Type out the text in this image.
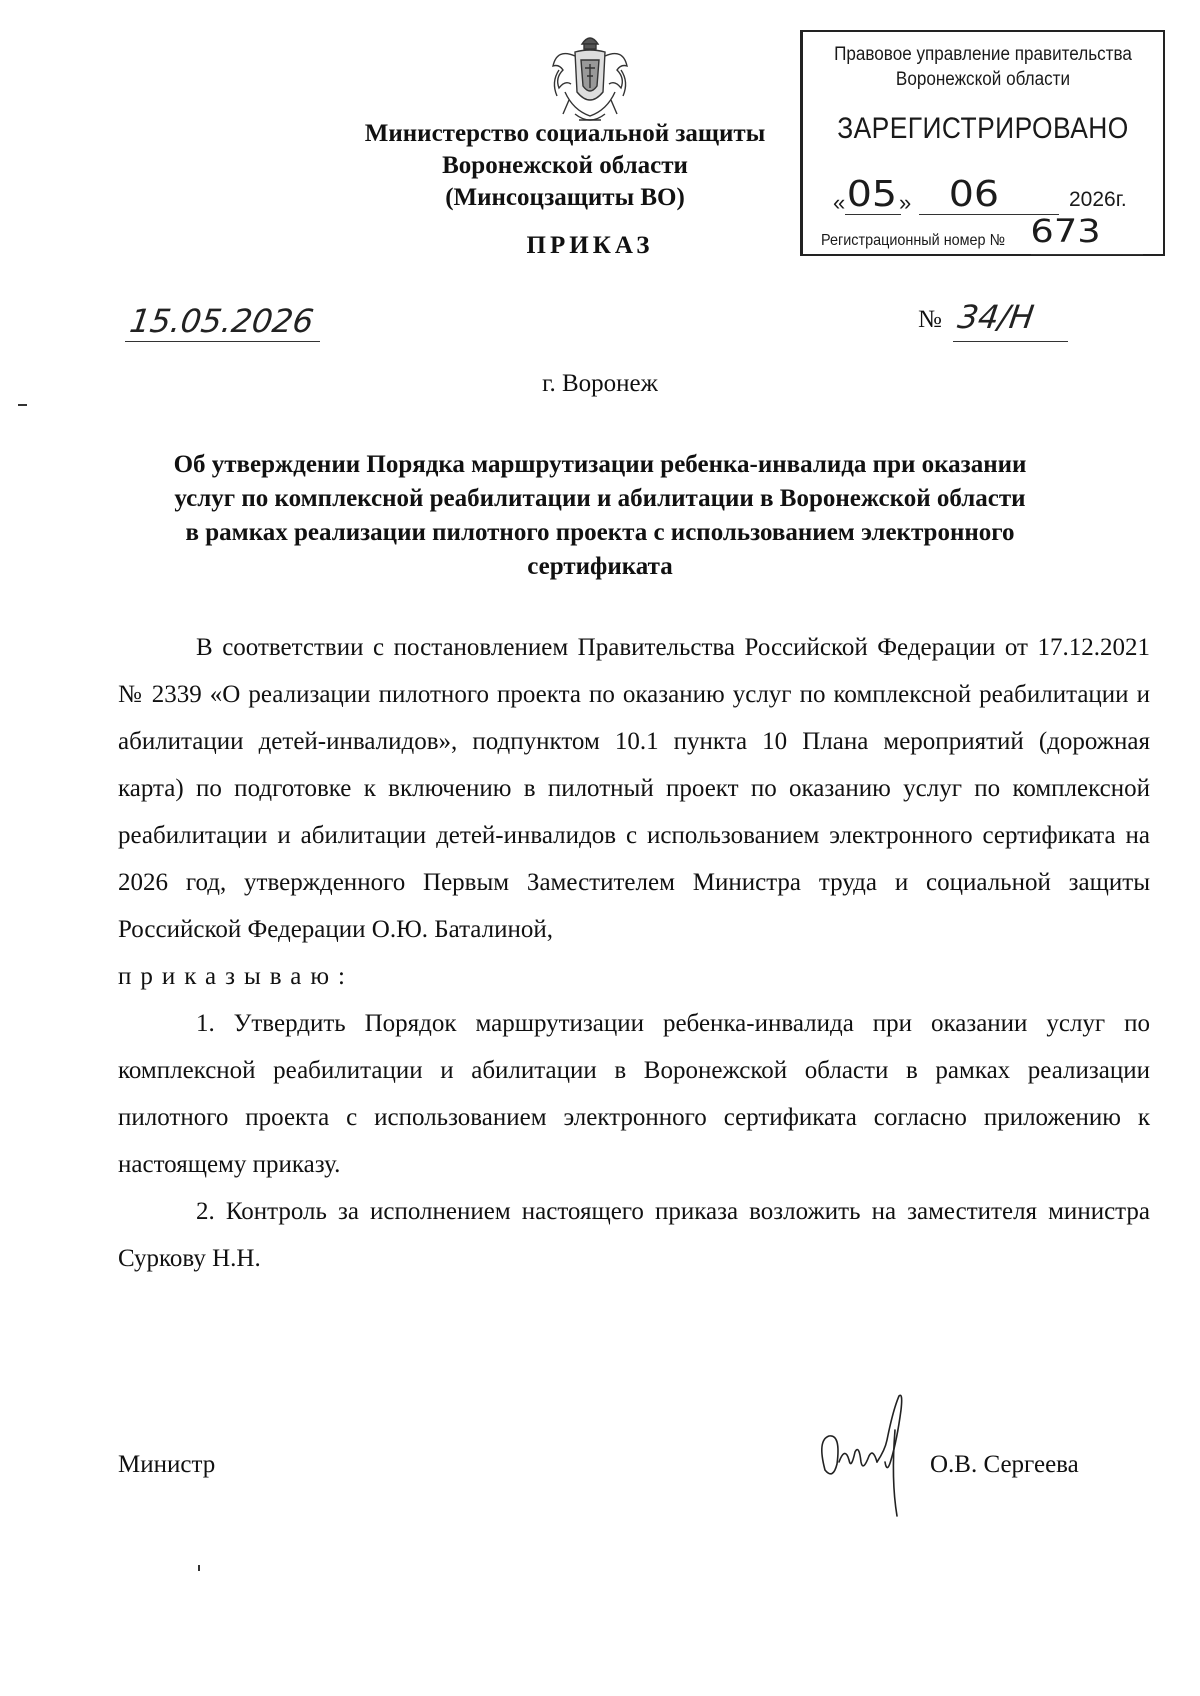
Министерство социальной защиты
Воронежской области
(Минсоцзащиты ВО)
ПРИКАЗ
Правовое управление правительства
Воронежской области
ЗАРЕГИСТРИРОВАНО
« 05 » 06	2026г.
Регистрационный номер № 673
15.05.2026	№ 34/Н
г. Воронеж
Об утверждении Порядка маршрутизации ребенка-инвалида при оказании услуг по комплексной реабилитации и абилитации в Воронежской области в рамках реализации пилотного проекта с использованием электронного сертификата

В соответствии с постановлением Правительства Российской Федерации от 17.12.2021 № 2339 «О реализации пилотного проекта по оказанию услуг по комплексной реабилитации и абилитации детей-инвалидов», подпунктом 10.1 пункта 10 Плана мероприятий (дорожная карта) по подготовке к включению в пилотный проект по оказанию услуг по комплексной реабилитации и абилитации детей-инвалидов с использованием электронного сертификата на 2026 год, утвержденного Первым Заместителем Министра труда и социальной защиты Российской Федерации О.Ю. Баталиной,

приказываю:

1. Утвердить Порядок маршрутизации ребенка-инвалида при оказании услуг по комплексной реабилитации и абилитации в Воронежской области в рамках реализации пилотного проекта с использованием электронного сертификата согласно приложению к настоящему приказу.

2. Контроль за исполнением настоящего приказа возложить на заместителя министра Суркову Н.Н.

Министр	О.В. Сергеева
